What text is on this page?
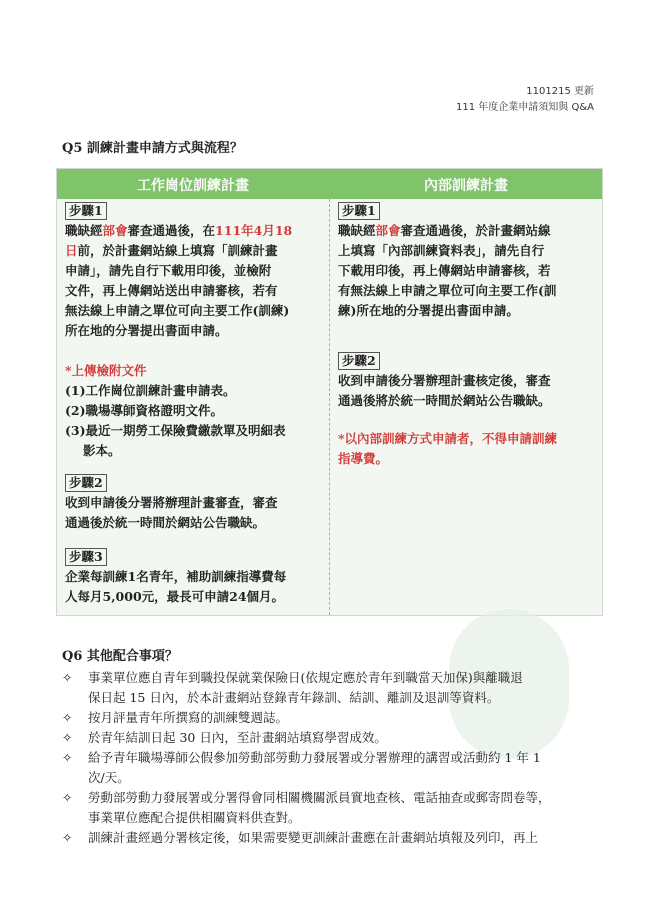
1101215 更新
111 年度企業申請須知與 Q&A
Q5 訓練計畫申請方式與流程？
工作崗位訓練計畫	內部訓練計畫
步驟1

職缺經部會審查通過後，在111年4月18

日前，於計畫網站線上填寫「訓練計畫

申請」，請先自行下載用印後，並檢附

文件，再上傳網站送出申請審核，若有

無法線上申請之單位可向主要工作(訓練)

所在地的分署提出書面申請。

*上傳檢附文件

(1)工作崗位訓練計畫申請表。

(2)職場導師資格證明文件。

(3)最近一期勞工保險費繳款單及明細表

影本。

步驟2

收到申請後分署將辦理計畫審查，審查

通過後於統一時間於網站公告職缺。

步驟3

企業每訓練1名青年，補助訓練指導費每

人每月5,000元，最長可申請24個月。

步驟1

職缺經部會審查通過後，於計畫網站線

上填寫「內部訓練資料表」，請先自行

下載用印後，再上傳網站申請審核，若

有無法線上申請之單位可向主要工作(訓

練)所在地的分署提出書面申請。

步驟2

收到申請後分署辦理計畫核定後，審查

通過後將於統一時間於網站公告職缺。

*以內部訓練方式申請者，不得申請訓練

指導費。

Q6 其他配合事項？
✧ 事業單位應自青年到職投保就業保險日(依規定應於青年到職當天加保)與離職退
保日起 15 日內，於本計畫網站登錄青年錄訓、結訓、離訓及退訓等資料。
✧ 按月評量青年所撰寫的訓練雙週誌。
✧ 於青年結訓日起 30 日內，至計畫網站填寫學習成效。
✧ 給予青年職場導師公假參加勞動部勞動力發展署或分署辦理的講習或活動約 1 年 1
次/天。
✧ 勞動部勞動力發展署或分署得會同相關機關派員實地查核、電話抽查或郵寄問卷等，
事業單位應配合提供相關資料供查對。
✧ 訓練計畫經過分署核定後，如果需要變更訓練計畫應在計畫網站填報及列印，再上
